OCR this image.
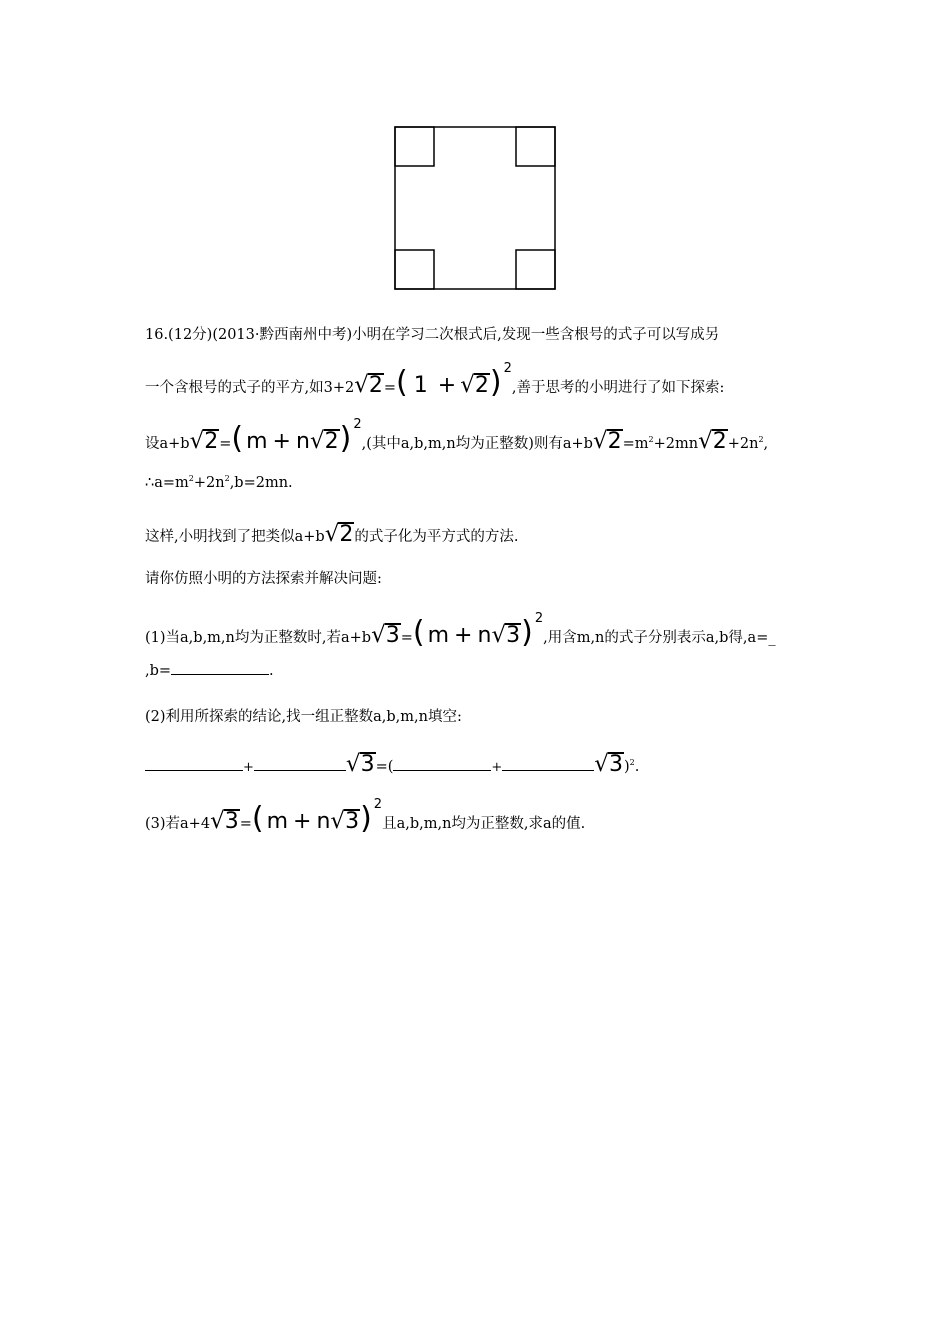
16.(12分)(2013·黔西南州中考)小明在学习二次根式后,发现一些含根号的式子可以写成另
一个含根号的式子的平方,如3+2 √ 2 = ( 1 + √ 2 ) 2
,善于思考的小明进行了如下探索:
设a+b √ 2 = ( m + n √ 2 ) 2
,(其中a,b,m,n均为正整数)则有a+b √ 2 =m 2 +2mn √ 2 +2n 2 ,
∴a=m 2 +2n 2 ,b=2mn.
这样,小明找到了把类似a+b √ 2 的式子化为平方式的方法.
请你仿照小明的方法探索并解决问题:
(1)当a,b,m,n均为正整数时,若a+b √ 3 = ( m + n √ 3 ) 2
,用含m,n的式子分别表示a,b得,a=_
,b=	.
(2)利用所探索的结论,找一组正整数a,b,m,n填空:
+	√ 3 =(	+	√ 3 ) 2 .
(3)若a+4 √ 3 = ( m + n √ 3 ) 2
且a,b,m,n均为正整数,求a的值.
